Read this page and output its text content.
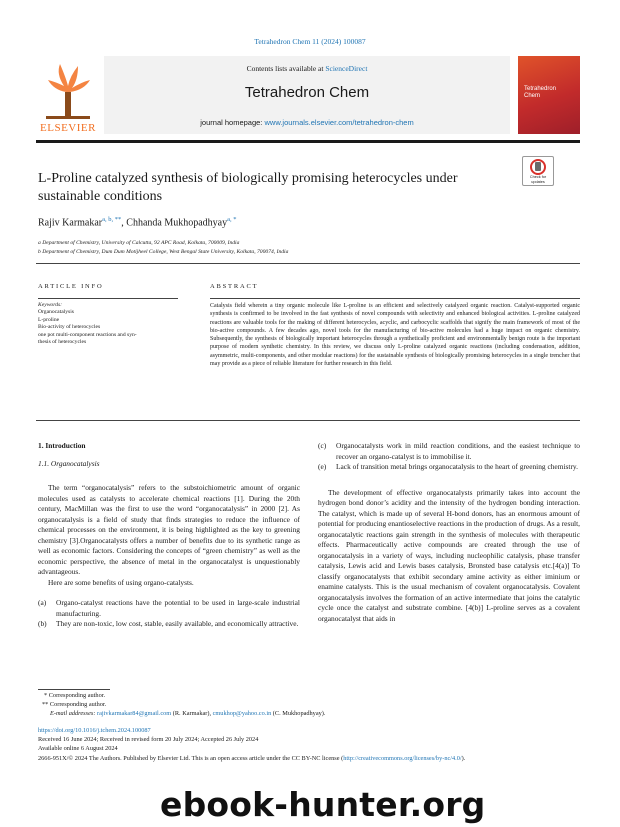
Tetrahedron Chem 11 (2024) 100087
ELSEVIER
Contents lists available at ScienceDirect
Tetrahedron Chem
journal homepage: www.journals.elsevier.com/tetrahedron-chem
Tetrahedron
Chem
Check for
updates
L-Proline catalyzed synthesis of biologically promising heterocycles under
sustainable conditions
Rajiv Karmakar$^{a, b, **}$, Chhanda Mukhopadhyay$^{a, *}$
a Department of Chemistry, University of Calcutta, 92 APC Road, Kolkata, 700009, India
b Department of Chemistry, Dum Dum Motijheel College, West Bengal State University, Kolkata, 700074, India
ARTICLE INFO	ABSTRACT
Keywords:
Organocatalysis
L-proline
Bio-activity of heterocycles
one pot multi-component reactions and syn-
thesis of heterocycles
Catalysis field wherein a tiny organic molecule like L-proline is an efficient and selectively catalyzed organic reaction. Catalyst-supported organic synthesis is confirmed to be involved in the fast synthesis of novel compounds with selectivity and enhanced biological activities. L-proline catalyzed reactions are valuable tools for the making of different heterocycles, acyclic, and carbocyclic scaffolds that signify the main framework of most of the bio-active compounds. A few decades ago, novel tools for the manufacturing of bio-active molecules had a huge impact on organic chemistry. Subsequently, the synthesis of biologically important heterocycles through a synthetically proficient and environmentally benign route is the important purpose of modern synthetic chemistry. In this review, we discuss only L-proline catalyzed organic reactions (including condensation, addition, asymmetric, multi-components, and other modular reactions) for the sustainable synthesis of biologically promising heterocycles in a single trencher that may provide as a piece of reliable literature for further research in this field.
1. Introduction
1.1. Organocatalysis

The term “organocatalysis” refers to the substoichiometric amount of organic molecules used as catalysts to accelerate chemical reactions [1]. During the 20th century, MacMillan was the first to use the word “organocatalysis” in 2000 [2]. As organocatalysis is a field of study that finds strategies to reduce the influence of chemical processes on the environment, it is being highlighted as the key to greening chemistry [3].Organocatalysts offers a number of benefits due to its synthetic range as well as economic factors. Considering the concepts of “green chemistry” as well as the economic perspective, the absence of metal in the organocatalyst is unquestionably advantageous.

Here are some benefits of using organo-catalysts.

(a)	Organo-catalyst reactions have the potential to be used in large-scale industrial manufacturing.
(b)	They are non-toxic, low cost, stable, easily available, and economically attractive.
(c)	Organocatalysts work in mild reaction conditions, and the easiest technique to recover an organo-catalyst is to immobilise it.
(e)	Lack of transition metal brings organocatalysis to the heart of greening chemistry.

The development of effective organocatalysts primarily takes into account the hydrogen bond donor’s acidity and the intensity of the hydrogen bonding interaction. The catalyst, which is made up of several H-bond donors, has an enormous amount of potential for producing enantioselective reactions in the production of drugs. As a result, organocatalytic reactions gain strength in the synthesis of molecules with therapeutic effects. Pharmaceutically active compounds are created through the use of organocatalysis in a variety of ways, including nucleophilic catalysis, phase transfer catalysis, Lewis acid and Lewis bases catalysis, Bronsted base catalysis etc.[4(a)] To classify organocatalysts that exhibit secondary amine activity as either iminium or enamine catalysts. This is the usual mechanism of covalent organocatalysis. Covalent organocatalysis involves the formation of an active intermediate that joins the catalytic cycle once the catalyst and substrate combine. [4(b)] L-proline serves as a covalent organocatalyst that aids in

* Corresponding author.
** Corresponding author.
E-mail addresses: rajivkarmakar84@gmail.com (R. Karmakar), cmukhop@yahoo.co.in (C. Mukhopadhyay).
https://doi.org/10.1016/j.tchem.2024.100087
Received 16 June 2024; Received in revised form 20 July 2024; Accepted 26 July 2024
Available online 6 August 2024
2666-951X/© 2024 The Authors. Published by Elsevier Ltd. This is an open access article under the CC BY-NC license (http://creativecommons.org/licenses/by-nc/4.0/).
ebook-hunter.org
